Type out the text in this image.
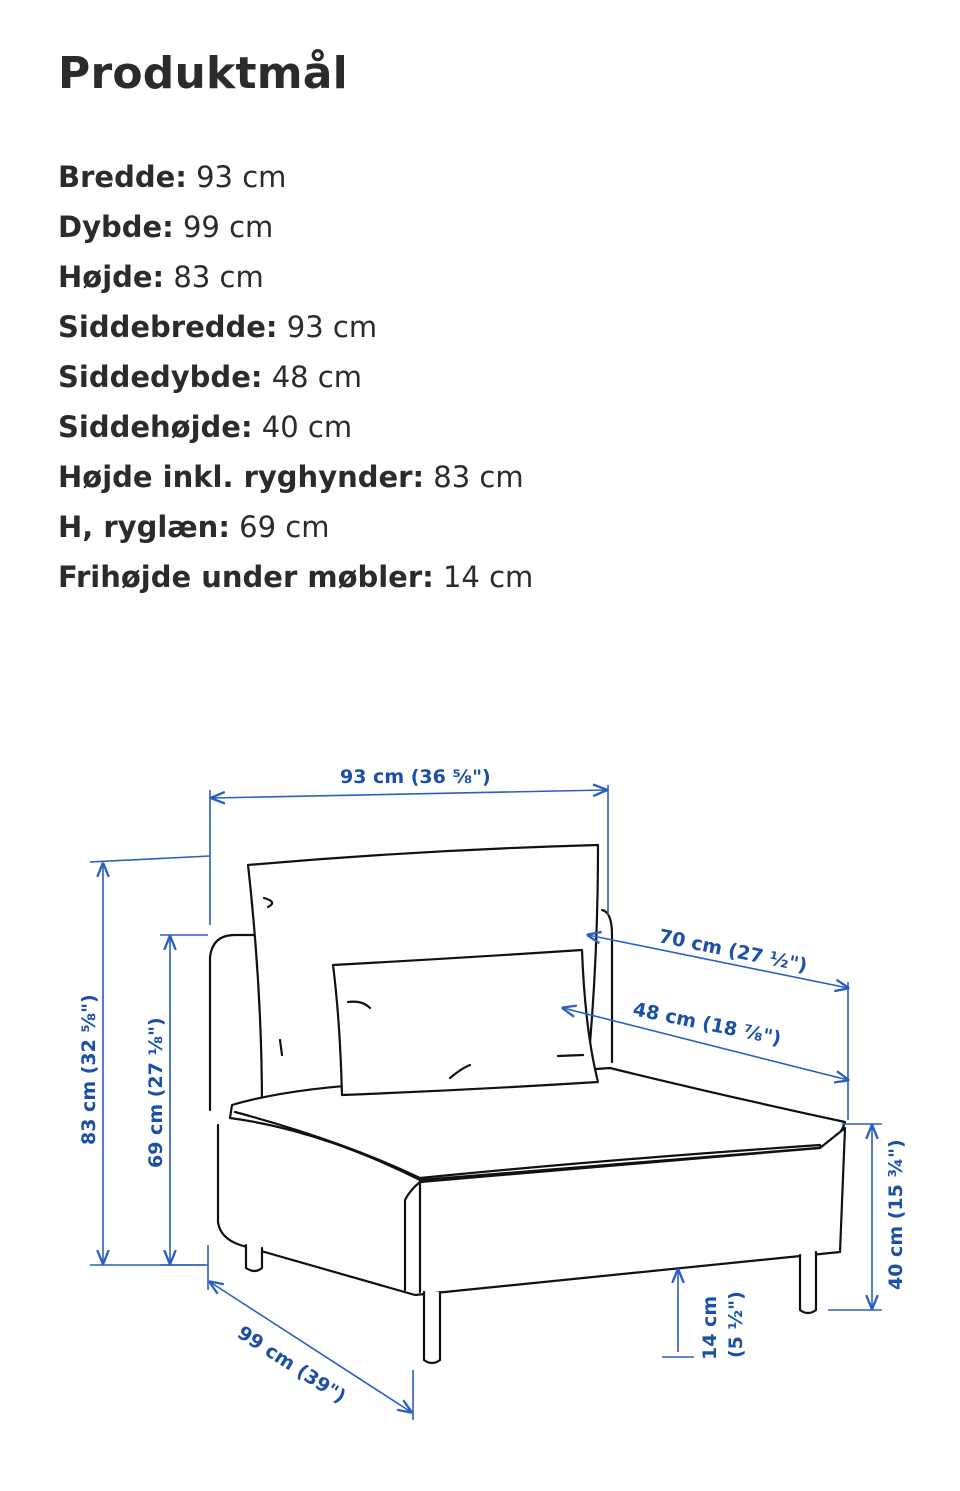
Produktmål
Bredde: 93 cm
Dybde: 99 cm
Højde: 83 cm
Siddebredde: 93 cm
Siddedybde: 48 cm
Siddehøjde: 40 cm
Højde inkl. ryghynder: 83 cm
H, ryglæn: 69 cm
Frihøjde under møbler: 14 cm
93 cm (36 ⅝")
83 cm (32 ⅝") 69 cm (27 ⅛")
70 cm (27 ½")
48 cm (18 ⅞")
40 cm (15 ¾")
14 cm (5 ½")
99 cm (39")
